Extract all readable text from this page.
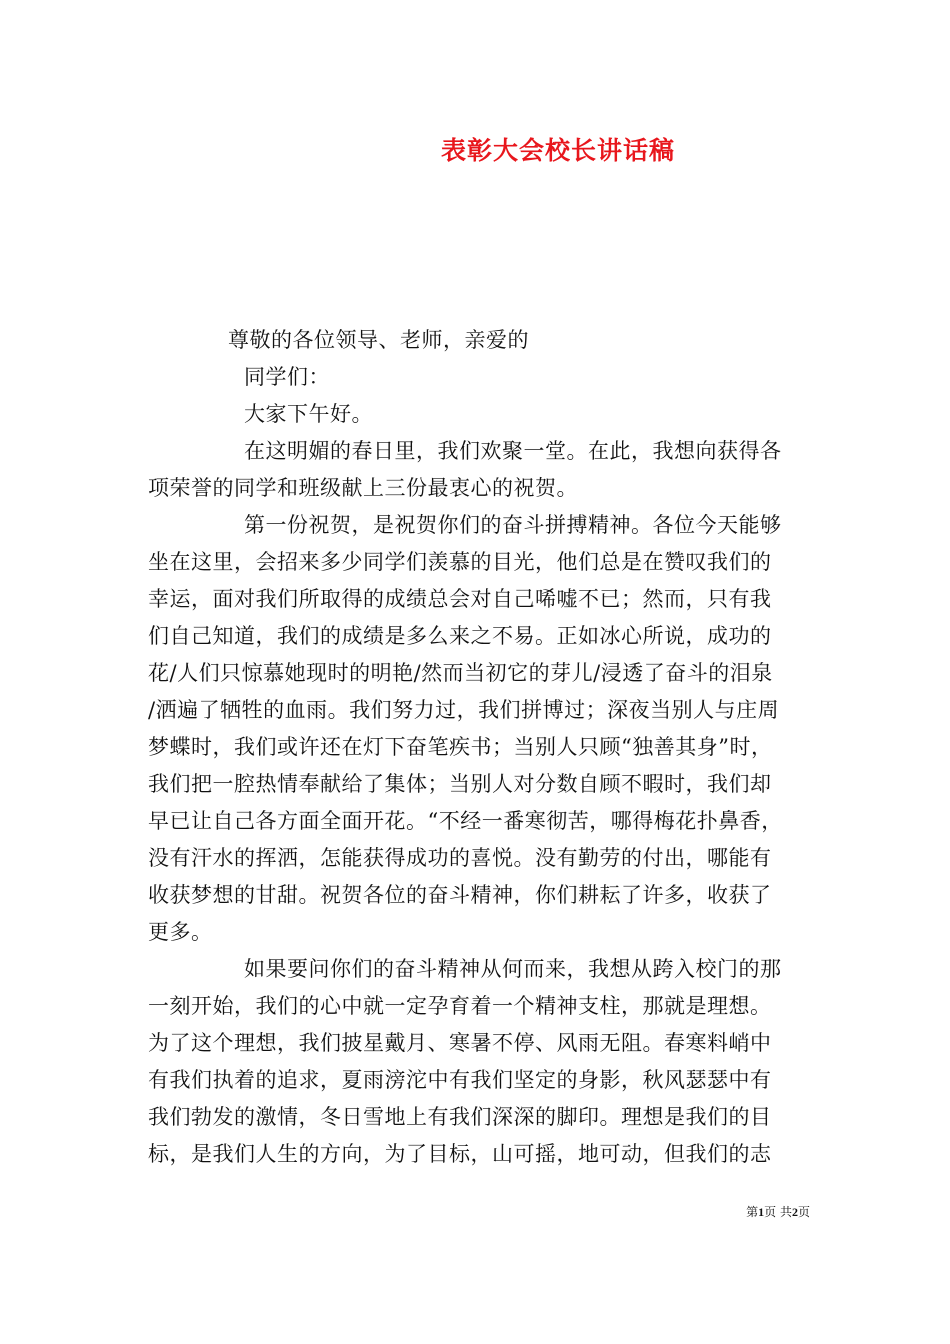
表彰大会校长讲话稿
尊敬的各位领导、老师，亲爱的
同学们：
大家下午好。
在这明媚的春日里，我们欢聚一堂。在此，我想向获得各
项荣誉的同学和班级献上三份最衷心的祝贺。
第一份祝贺，是祝贺你们的奋斗拼搏精神。各位今天能够
坐在这里，会招来多少同学们羡慕的目光，他们总是在赞叹我们的
幸运，面对我们所取得的成绩总会对自己唏嘘不已；然而，只有我
们自己知道，我们的成绩是多么来之不易。正如冰心所说，成功的
花/人们只惊慕她现时的明艳/然而当初它的芽儿/浸透了奋斗的泪泉
/洒遍了牺牲的血雨。我们努力过，我们拼博过；深夜当别人与庄周
梦蝶时，我们或许还在灯下奋笔疾书；当别人只顾“独善其身”时，
我们把一腔热情奉献给了集体；当别人对分数自顾不暇时，我们却
早已让自己各方面全面开花。“不经一番寒彻苦，哪得梅花扑鼻香，
没有汗水的挥洒，怎能获得成功的喜悦。没有勤劳的付出，哪能有
收获梦想的甘甜。祝贺各位的奋斗精神，你们耕耘了许多，收获了
更多。
如果要问你们的奋斗精神从何而来，我想从跨入校门的那
一刻开始，我们的心中就一定孕育着一个精神支柱，那就是理想。
为了这个理想，我们披星戴月、寒暑不停、风雨无阻。春寒料峭中
有我们执着的追求，夏雨滂沱中有我们坚定的身影，秋风瑟瑟中有
我们勃发的激情，冬日雪地上有我们深深的脚印。理想是我们的目
标，是我们人生的方向，为了目标，山可摇，地可动，但我们的志
第1页 共2页
